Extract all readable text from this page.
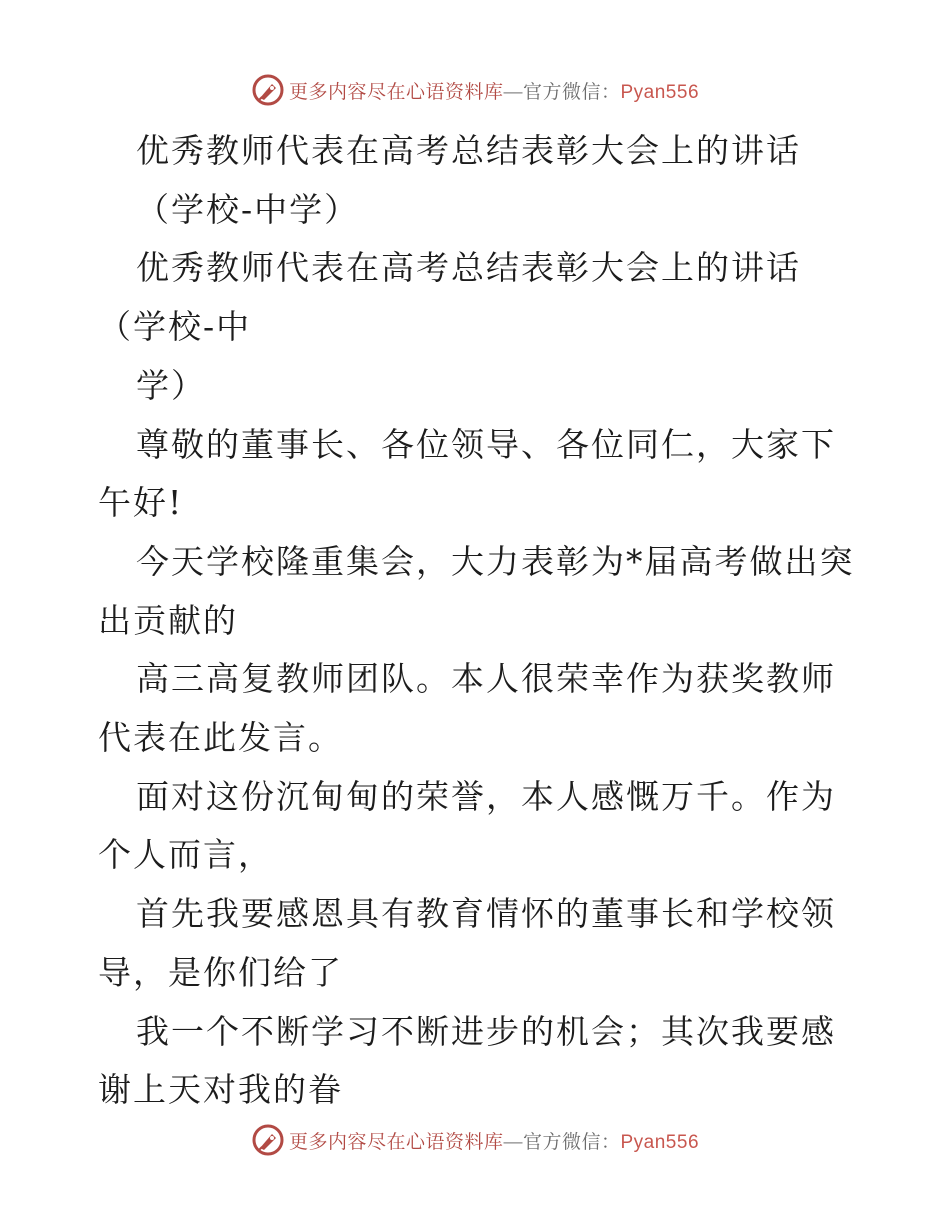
更多内容尽在心语资料库—官方微信：Pyan556

优秀教师代表在高考总结表彰大会上的讲话

（学校-中学）

优秀教师代表在高考总结表彰大会上的讲话（学校-中

学）

尊敬的董事长、各位领导、各位同仁，大家下午好!

今天学校隆重集会，大力表彰为*届高考做出突出贡献的

高三高复教师团队。本人很荣幸作为获奖教师代表在此发言。

面对这份沉甸甸的荣誉，本人感慨万千。作为个人而言，

首先我要感恩具有教育情怀的董事长和学校领导，是你们给了

我一个不断学习不断进步的机会；其次我要感谢上天对我的眷

更多内容尽在心语资料库—官方微信：Pyan556
